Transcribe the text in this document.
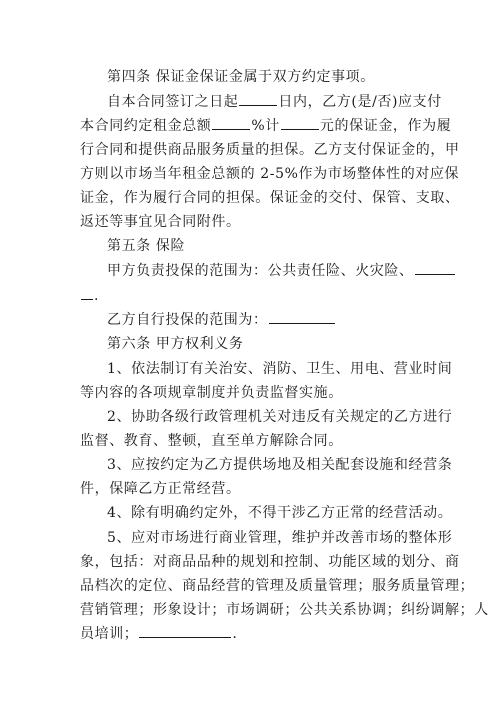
第四条 保证金保证金属于双方约定事项。
自本合同签订之日起	日内，乙方(是/否)应支付
本合同约定租金总额	%计	元的保证金，作为履
行合同和提供商品服务质量的担保。乙方支付保证金的，甲
方则以市场当年租金总额的 2-5%作为市场整体性的对应保
证金，作为履行合同的担保。保证金的交付、保管、支取、
返还等事宜见合同附件。
第五条 保险
甲方负责投保的范围为：公共责任险、火灾险、
.
乙方自行投保的范围为：
第六条 甲方权利义务
1、依法制订有关治安、消防、卫生、用电、营业时间
等内容的各项规章制度并负责监督实施。
2、协助各级行政管理机关对违反有关规定的乙方进行
监督、教育、整顿，直至单方解除合同。
3、应按约定为乙方提供场地及相关配套设施和经营条
件，保障乙方正常经营。
4、除有明确约定外，不得干涉乙方正常的经营活动。
5、应对市场进行商业管理，维护并改善市场的整体形
象，包括：对商品品种的规划和控制、功能区域的划分、商
品档次的定位、商品经营的管理及质量管理；服务质量管理；
营销管理；形象设计；市场调研；公共关系协调；纠纷调解；人
员培训；	.
